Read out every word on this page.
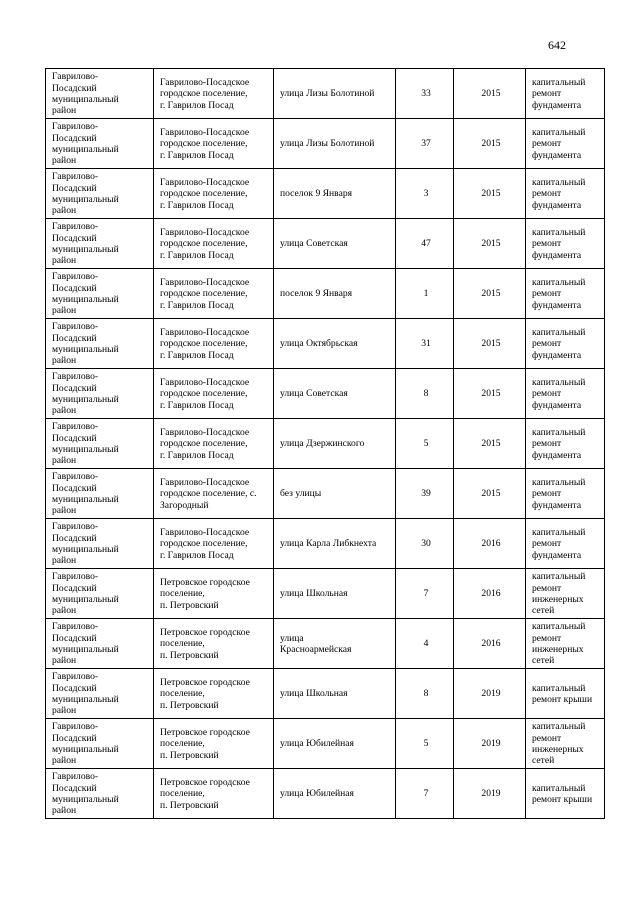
642
Гаврилово-
Посадский
муниципальный
район	Гаврилово-Посадское
городское поселение,
г. Гаврилов Посад	улица Лизы Болотиной	33	2015	капитальный
ремонт
фундамента

Гаврилово-
Посадский
муниципальный
район	Гаврилово-Посадское
городское поселение,
г. Гаврилов Посад	улица Лизы Болотиной	37	2015	капитальный
ремонт
фундамента

Гаврилово-
Посадский
муниципальный
район	Гаврилово-Посадское
городское поселение,
г. Гаврилов Посад	поселок 9 Января	3	2015	капитальный
ремонт
фундамента

Гаврилово-
Посадский
муниципальный
район	Гаврилово-Посадское
городское поселение,
г. Гаврилов Посад	улица Советская	47	2015	капитальный
ремонт
фундамента

Гаврилово-
Посадский
муниципальный
район	Гаврилово-Посадское
городское поселение,
г. Гаврилов Посад	поселок 9 Января	1	2015	капитальный
ремонт
фундамента

Гаврилово-
Посадский
муниципальный
район	Гаврилово-Посадское
городское поселение,
г. Гаврилов Посад	улица Октябрьская	31	2015	капитальный
ремонт
фундамента

Гаврилово-
Посадский
муниципальный
район	Гаврилово-Посадское
городское поселение,
г. Гаврилов Посад	улица Советская	8	2015	капитальный
ремонт
фундамента

Гаврилово-
Посадский
муниципальный
район	Гаврилово-Посадское
городское поселение,
г. Гаврилов Посад	улица Дзержинского	5	2015	капитальный
ремонт
фундамента

Гаврилово-
Посадский
муниципальный
район	Гаврилово-Посадское
городское поселение, с.
Загородный	без улицы	39	2015	капитальный
ремонт
фундамента

Гаврилово-
Посадский
муниципальный
район	Гаврилово-Посадское
городское поселение,
г. Гаврилов Посад	улица Карла Либкнехта	30	2016	капитальный
ремонт
фундамента

Гаврилово-
Посадский
муниципальный
район	Петровское городское
поселение,
п. Петровский	улица Школьная	7	2016	капитальный
ремонт
инженерных
сетей

Гаврилово-
Посадский
муниципальный
район	Петровское городское
поселение,
п. Петровский	улица
Красноармейская	4	2016	капитальный
ремонт
инженерных
сетей

Гаврилово-
Посадский
муниципальный
район	Петровское городское
поселение,
п. Петровский	улица Школьная	8	2019	капитальный
ремонт крыши

Гаврилово-
Посадский
муниципальный
район	Петровское городское
поселение,
п. Петровский	улица Юбилейная	5	2019	капитальный
ремонт
инженерных
сетей

Гаврилово-
Посадский
муниципальный
район	Петровское городское
поселение,
п. Петровский	улица Юбилейная	7	2019	капитальный
ремонт крыши
